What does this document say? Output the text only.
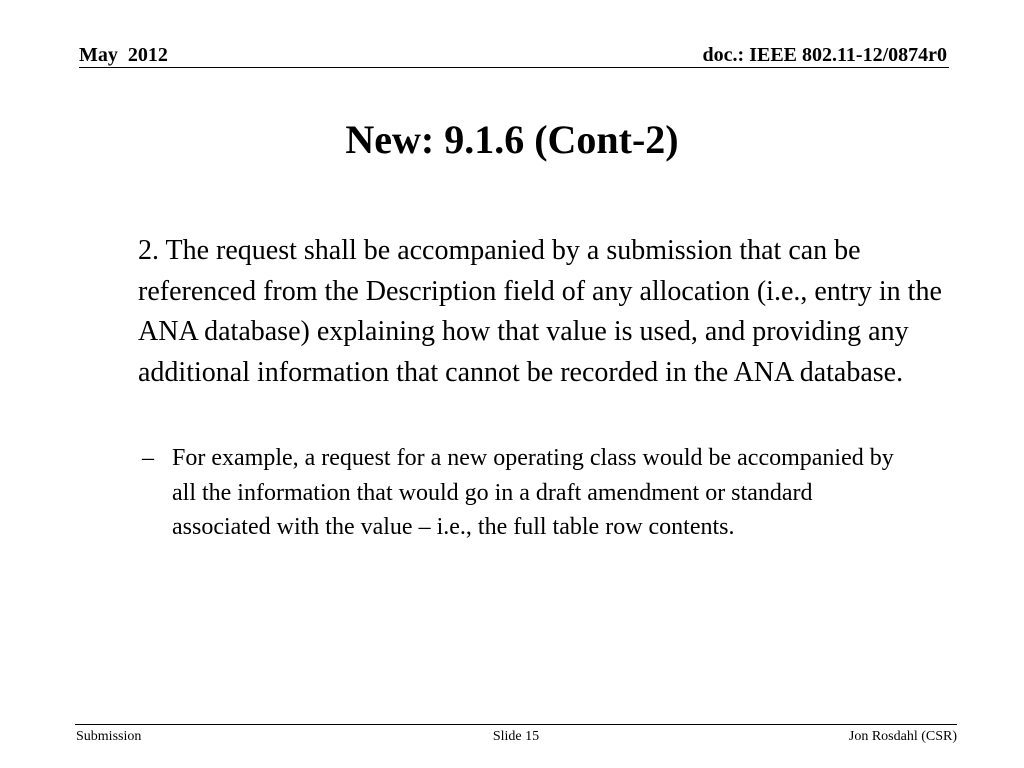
May  2012	doc.: IEEE 802.11-12/0874r0
New: 9.1.6 (Cont-2)

2. The request shall be accompanied by a submission that can be referenced from the Description field of any allocation (i.e., entry in the ANA database) explaining how that value is used, and providing any additional information that cannot be recorded in the ANA database.

– For example, a request for a new operating class would be accompanied by all the information that would go in a draft amendment or standard associated with the value – i.e., the full table row contents.
Submission	Slide 15	Jon Rosdahl (CSR)
